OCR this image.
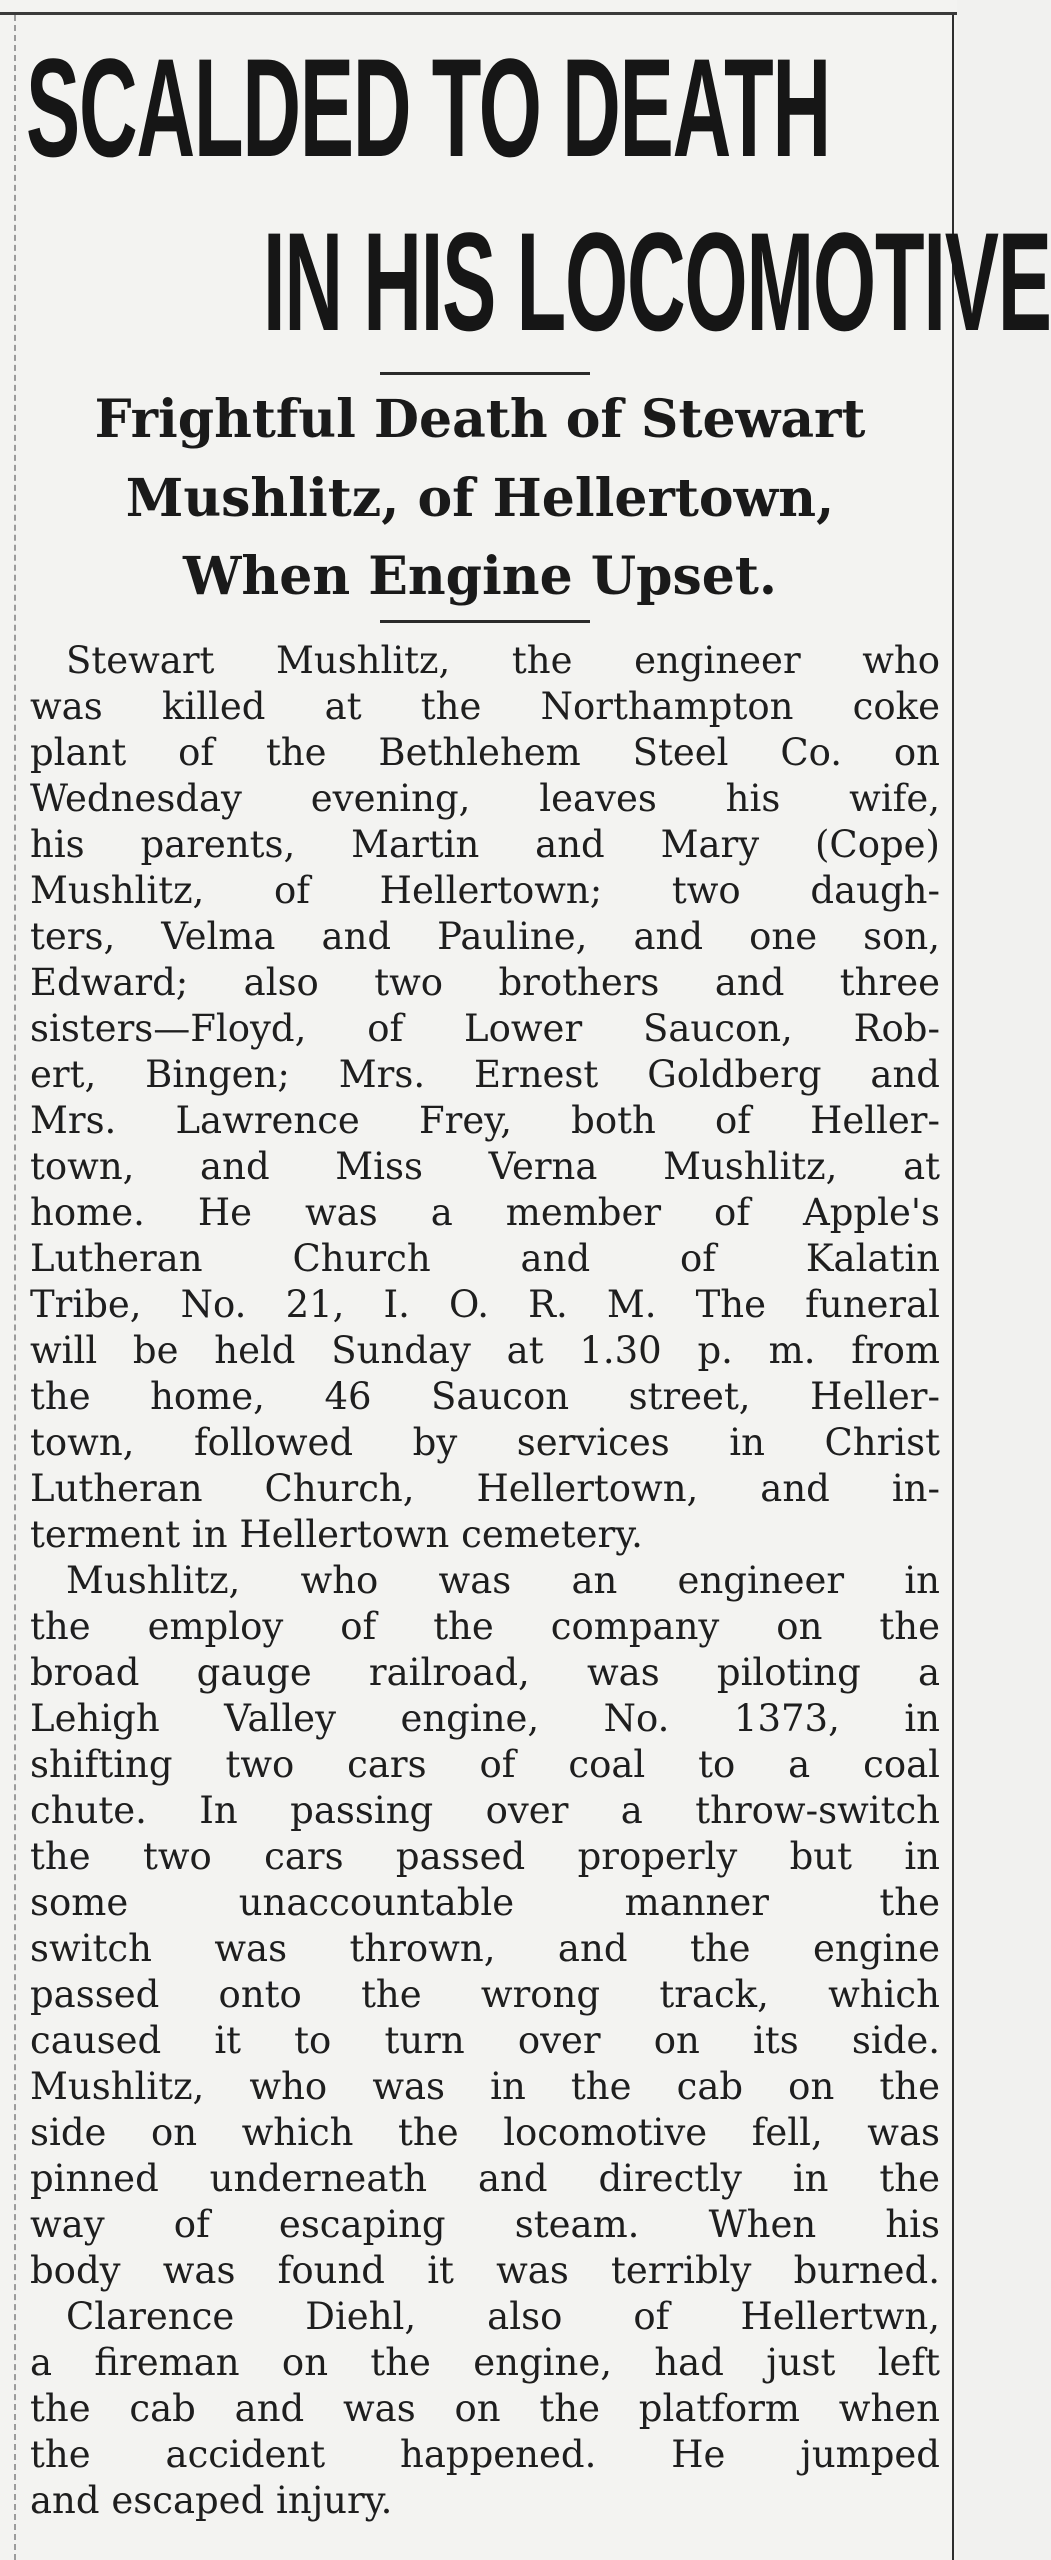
SCALDED TO DEATH
IN HIS LOCOMOTIVE
Frightful Death of Stewart
Mushlitz, of Hellertown,
When Engine Upset.
Stewart Mushlitz, the engineer who
was killed at the Northampton coke
plant of the Bethlehem Steel Co. on
Wednesday evening, leaves his wife,
his parents, Martin and Mary (Cope)
Mushlitz, of Hellertown; two daugh-
ters, Velma and Pauline, and one son,
Edward; also two brothers and three
sisters—Floyd, of Lower Saucon, Rob-
ert, Bingen; Mrs. Ernest Goldberg and
Mrs. Lawrence Frey, both of Heller-
town, and Miss Verna Mushlitz, at
home. He was a member of Apple's
Lutheran Church and of Kalatin
Tribe, No. 21, I. O. R. M. The funeral
will be held Sunday at 1.30 p. m. from
the home, 46 Saucon street, Heller-
town, followed by services in Christ
Lutheran Church, Hellertown, and in-
terment in Hellertown cemetery.
Mushlitz, who was an engineer in
the employ of the company on the
broad gauge railroad, was piloting a
Lehigh Valley engine, No. 1373, in
shifting two cars of coal to a coal
chute. In passing over a throw-switch
the two cars passed properly but in
some unaccountable manner the
switch was thrown, and the engine
passed onto the wrong track, which
caused it to turn over on its side.
Mushlitz, who was in the cab on the
side on which the locomotive fell, was
pinned underneath and directly in the
way of escaping steam. When his
body was found it was terribly burned.
Clarence Diehl, also of Hellertwn,
a fireman on the engine, had just left
the cab and was on the platform when
the accident happened. He jumped
and escaped injury.
